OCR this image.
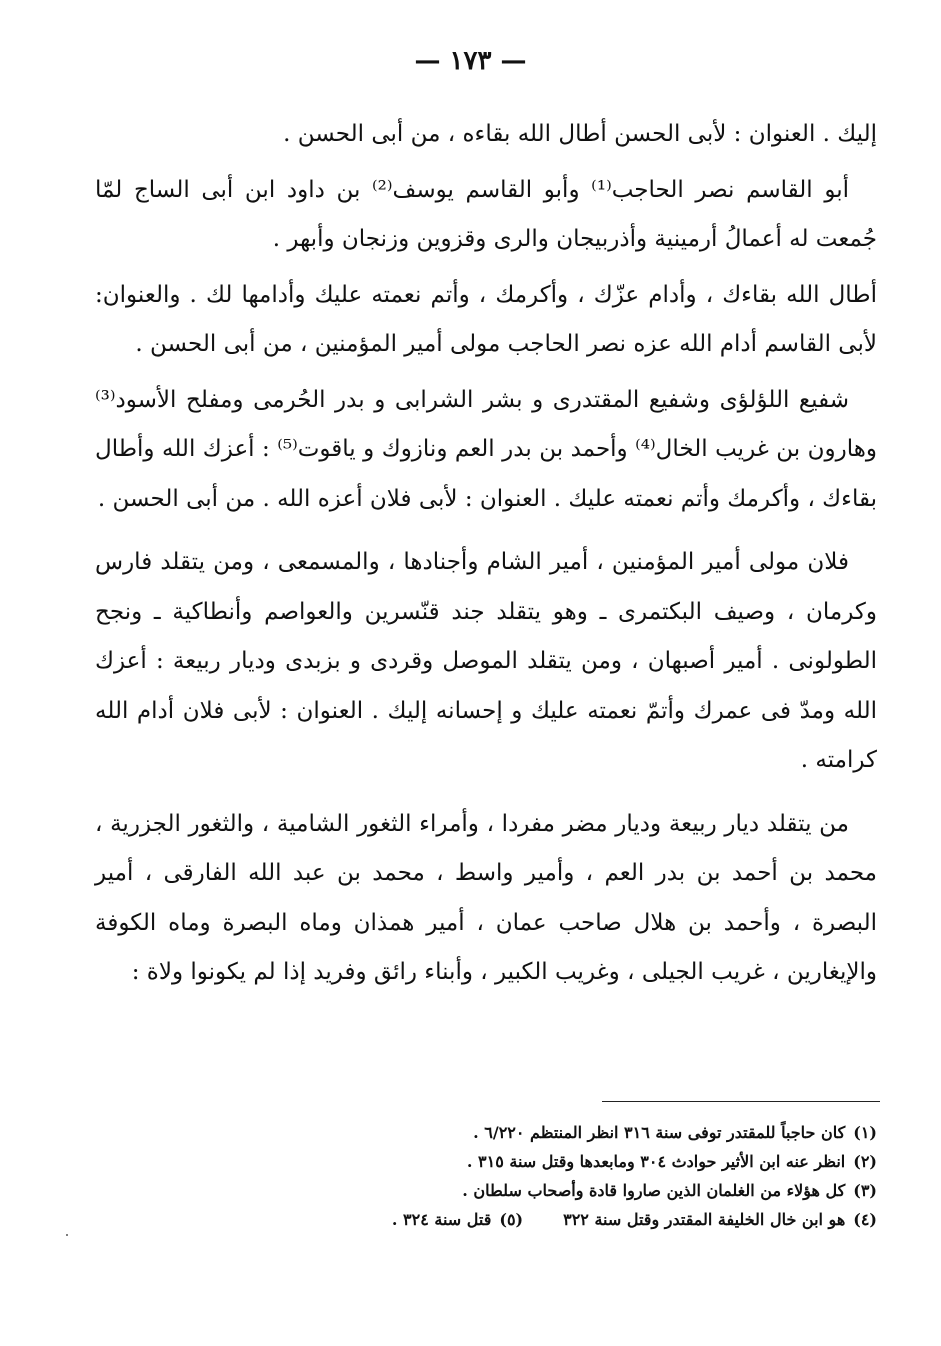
— ١٧٣ —

إليك . العنوان : لأبى الحسن أطال الله بقاءه ، من أبى الحسن .

أبو القاسم نصر الحاجب⁽¹⁾ وأبو القاسم يوسف⁽²⁾ بن داود ابن أبى الساج لمّا جُمعت له أعمالُ أرمينية وأذربيجان والرى وقزوين وزنجان وأبهر .

أطال الله بقاءك ، وأدام عزّك ، وأكرمك ، وأتم نعمته عليك وأدامها لك . والعنوان: لأبى القاسم أدام الله عزه نصر الحاجب مولى أمير المؤمنين ، من أبى الحسن .

شفيع اللؤلؤى وشفيع المقتدرى و بشر الشرابى و بدر الحُرمى ومفلح الأسود⁽³⁾ وهارون بن غريب الخال⁽⁴⁾ وأحمد بن بدر العم ونازوك و ياقوت⁽⁵⁾ : أعزك الله وأطال بقاءك ، وأكرمك وأتم نعمته عليك . العنوان : لأبى فلان أعزه الله . من أبى الحسن .

فلان مولى أمير المؤمنين ، أمير الشام وأجنادها ، والمسمعى ، ومن يتقلد فارس وكرمان ، وصيف البكتمرى ـ وهو يتقلد جند قنّسرين والعواصم وأنطاكية ـ ونجح الطولونى . أمير أصبهان ، ومن يتقلد الموصل وقردى و بزبدى وديار ربيعة : أعزك الله ومدّ فى عمرك وأتمّ نعمته عليك و إحسانه إليك . العنوان : لأبى فلان أدام الله كرامته .

من يتقلد ديار ربيعة وديار مضر مفردا ، وأمراء الثغور الشامية ، والثغور الجزرية ، محمد بن أحمد بن بدر العم ، وأمير واسط ، محمد بن عبد الله الفارقى ، أمير البصرة ، وأحمد بن هلال صاحب عمان ، أمير همذان وماه البصرة وماه الكوفة والإيغارين ، غريب الجيلى ، وغريب الكبير ، وأبناء رائق وفريد إذا لم يكونوا ولاة :

(١)كان حاجباً للمقتدر توفى سنة ٣١٦ انظر المنتظم ٦/٢٢٠ .

(٢)انظر عنه ابن الأثير حوادث ٣٠٤ ومابعدها وقتل سنة ٣١٥ .

(٣)كل هؤلاء من الغلمان الذين صاروا قادة وأصحاب سلطان .

(٤)هو ابن خال الخليفة المقتدر وقتل سنة ٣٢٢(٥)قتل سنة ٣٢٤ .
